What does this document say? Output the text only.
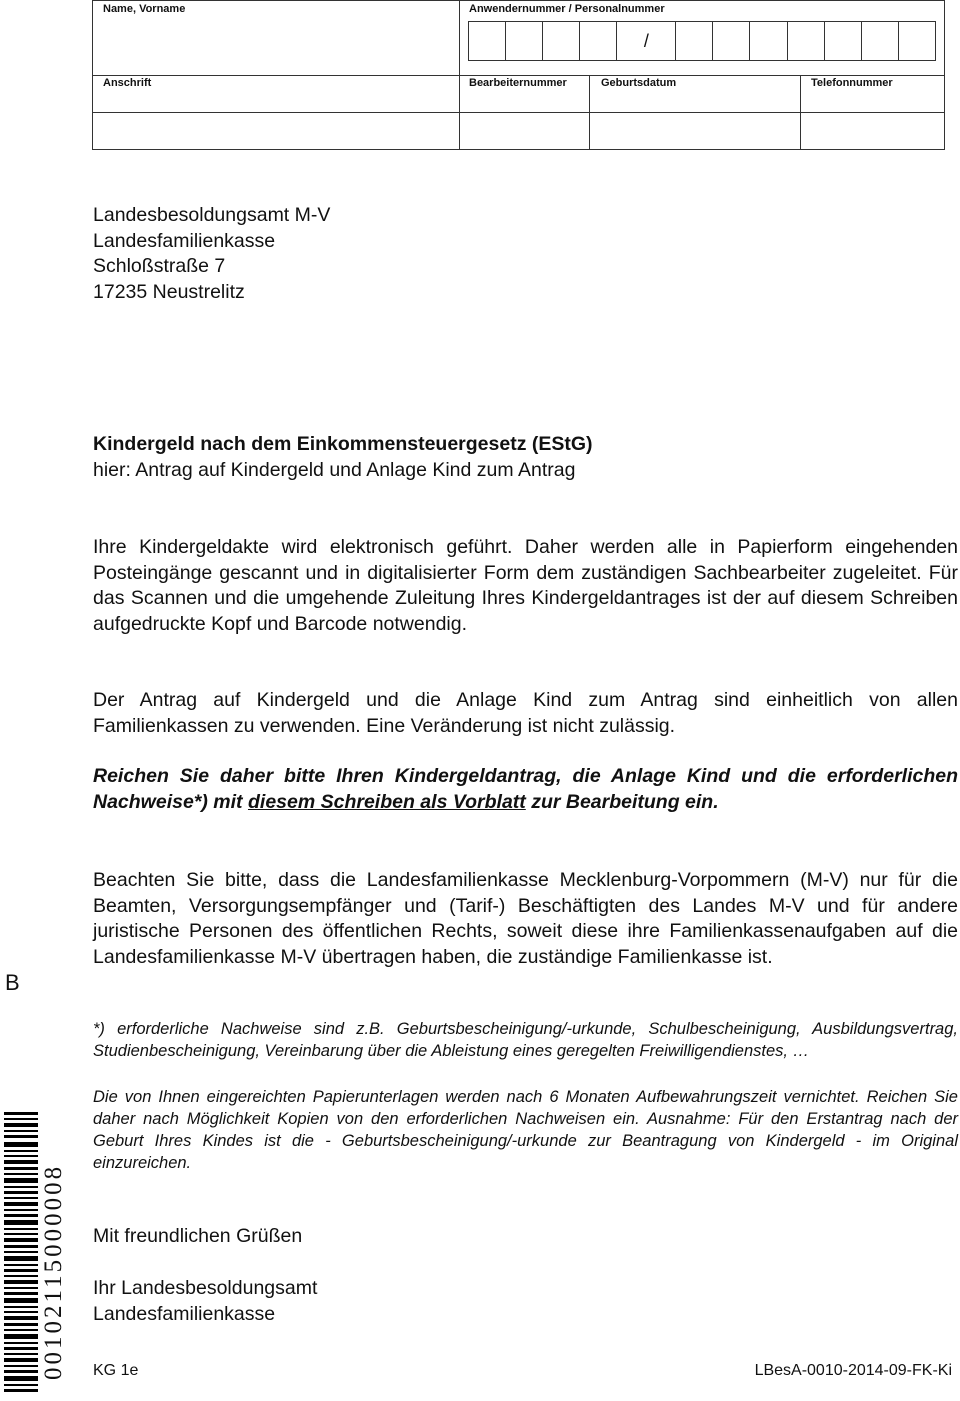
Name, Vorname	Anwendernummer / Personalnummer
/
Anschrift	Bearbeiternummer	Geburtsdatum	Telefonnummer
Landesbesoldungsamt M-V
Landesfamilienkasse
Schloßstraße 7
17235 Neustrelitz
Kindergeld nach dem Einkommensteuergesetz (EStG)
hier: Antrag auf Kindergeld und Anlage Kind zum Antrag

Ihre Kindergeldakte wird elektronisch geführt. Daher werden alle in Papierform eingehenden Posteingänge gescannt und in digitalisierter Form dem zuständigen Sachbearbeiter zugeleitet. Für das Scannen und die umgehende Zuleitung Ihres Kindergeldantrages ist der auf diesem Schreiben aufgedruckte Kopf und Barcode notwendig.

Der Antrag auf Kindergeld und die Anlage Kind zum Antrag sind einheitlich von allen Familienkassen zu verwenden. Eine Veränderung ist nicht zulässig.

Reichen Sie daher bitte Ihren Kindergeldantrag, die Anlage Kind und die erforderlichen Nachweise*) mit diesem Schreiben als Vorblatt zur Bearbeitung ein.

Beachten Sie bitte, dass die Landesfamilienkasse Mecklenburg-Vorpommern (M-V) nur für die Beamten, Versorgungsempfänger und (Tarif-) Beschäftigten des Landes M-V und für andere juristische Personen des öffentlichen Rechts, soweit diese ihre Familienkassenaufgaben auf die Landesfamilienkasse M-V übertragen haben, die zuständige Familienkasse ist.

*) erforderliche Nachweise sind z.B. Geburtsbescheinigung/-urkunde, Schulbescheinigung, Ausbildungsvertrag, Studienbescheinigung, Vereinbarung über die Ableistung eines geregelten Freiwilligendienstes, …

Die von Ihnen eingereichten Papierunterlagen werden nach 6 Monaten Aufbewahrungszeit vernichtet. Reichen Sie daher nach Möglichkeit Kopien von den erforderlichen Nachweisen ein. Ausnahme: Für den Erstantrag nach der Geburt Ihres Kindes ist die - Geburtsbescheinigung/-urkunde zur Beantragung von Kindergeld - im Original einzureichen.

Mit freundlichen Grüßen
Ihr Landesbesoldungsamt
Landesfamilienkasse
B
00102115000008 KG 1e	LBesA-0010-2014-09-FK-Ki
